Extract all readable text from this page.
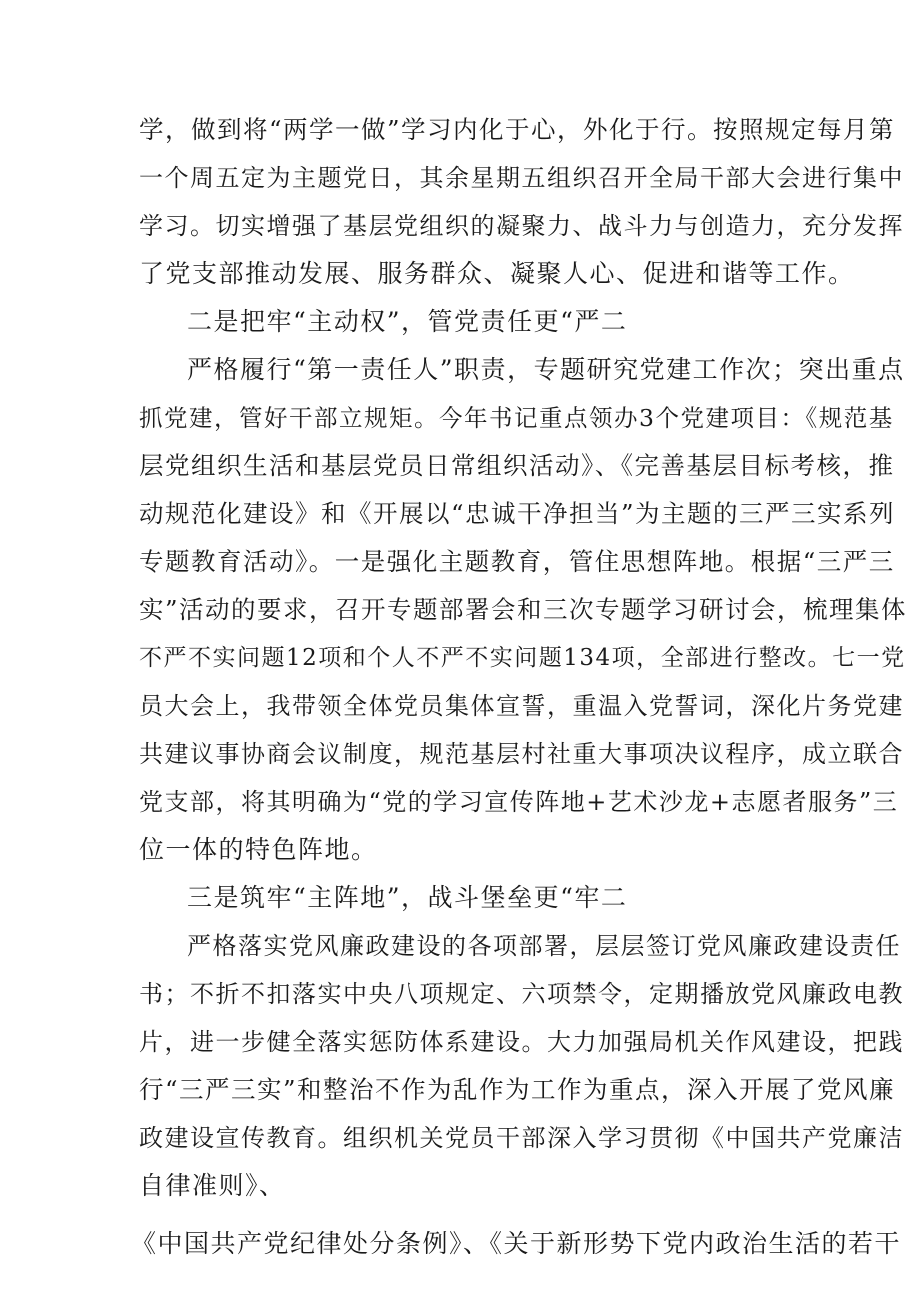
学，做到将“两学一做”学习内化于心，外化于行。按照规定每月第
一个周五定为主题党日，其余星期五组织召开全局干部大会进行集中
学习。切实增强了基层党组织的凝聚力、战斗力与创造力，充分发挥
了党支部推动发展、服务群众、凝聚人心、促进和谐等工作。
二是把牢“主动权”，管党责任更“严二
严格履行“第一责任人”职责，专题研究党建工作次；突出重点
抓党建，管好干部立规矩。今年书记重点领办3个党建项目：《规范基
层党组织生活和基层党员日常组织活动》、《完善基层目标考核，推
动规范化建设》和《开展以“忠诚干净担当”为主题的三严三实系列
专题教育活动》。一是强化主题教育，管住思想阵地。根据“三严三
实”活动的要求，召开专题部署会和三次专题学习研讨会，梳理集体
不严不实问题12项和个人不严不实问题134项，全部进行整改。七一党
员大会上，我带领全体党员集体宣誓，重温入党誓词，深化片务党建
共建议事协商会议制度，规范基层村社重大事项决议程序，成立联合
党支部，将其明确为“党的学习宣传阵地+艺术沙龙+志愿者服务”三
位一体的特色阵地。
三是筑牢“主阵地”，战斗堡垒更“牢二
严格落实党风廉政建设的各项部署，层层签订党风廉政建设责任
书；不折不扣落实中央八项规定、六项禁令，定期播放党风廉政电教
片，进一步健全落实惩防体系建设。大力加强局机关作风建设，把践
行“三严三实”和整治不作为乱作为工作为重点，深入开展了党风廉
政建设宣传教育。组织机关党员干部深入学习贯彻《中国共产党廉洁
自律准则》、
《中国共产党纪律处分条例》、《关于新形势下党内政治生活的若干
